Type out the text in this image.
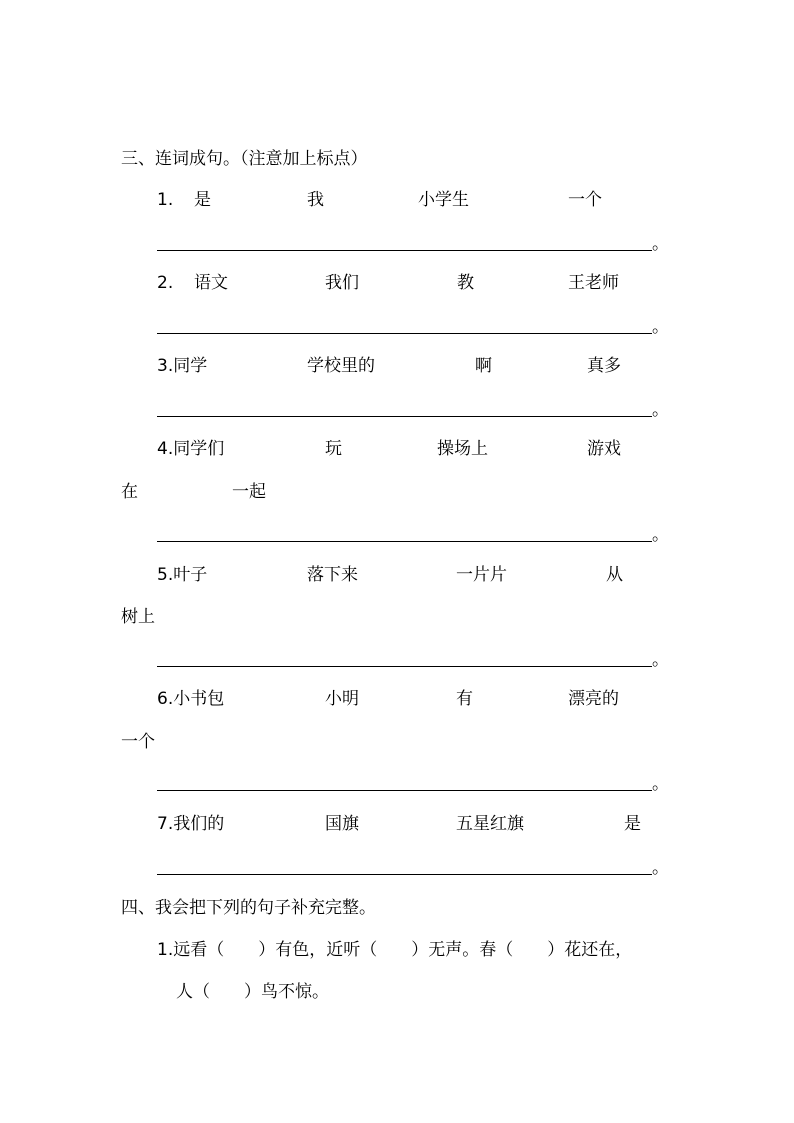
三、连词成句。（注意加上标点）
1. 是	我	小学生	一个
。
2. 语文	我们	教	王老师
。
3.同学	学校里的	啊	真多
。
4.同学们	玩	操场上	游戏
在	一起
。
5.叶子	落下来	一片片	从
树上
。
6.小书包	小明	有	漂亮的
一个
。
7.我们的	国旗	五星红旗	是
。
四、我会把下列的句子补充完整。
1.远看（　　）有色，近听（　　）无声。春（　　）花还在，
人（　　）鸟不惊。
